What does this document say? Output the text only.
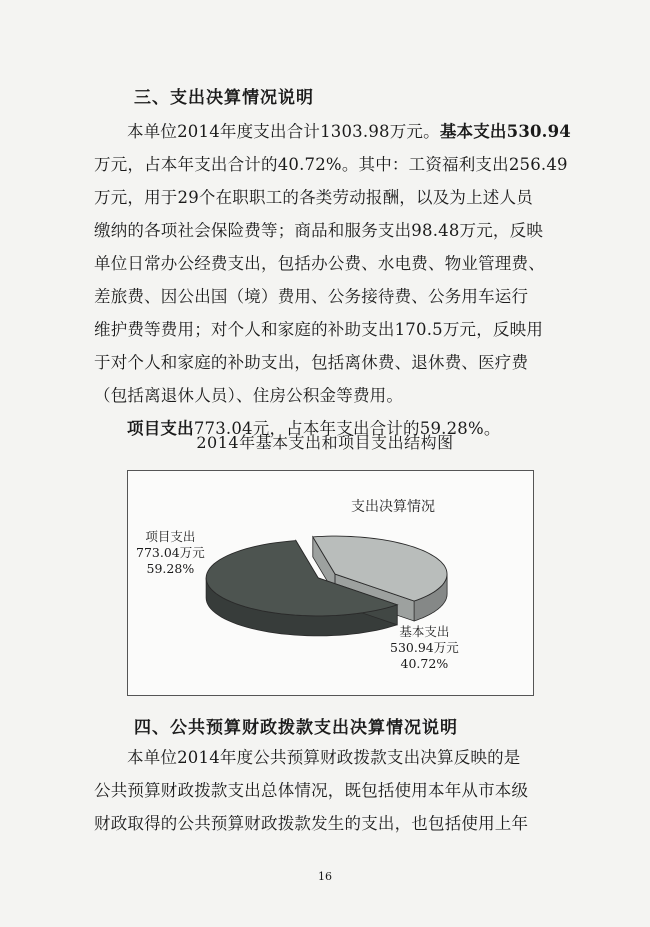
三、支出决算情况说明
本单位2014年度支出合计1303.98万元。基本支出530.94
万元，占本年支出合计的40.72%。其中：工资福利支出256.49
万元，用于29个在职职工的各类劳动报酬，以及为上述人员
缴纳的各项社会保险费等；商品和服务支出98.48万元，反映
单位日常办公经费支出，包括办公费、水电费、物业管理费、
差旅费、因公出国（境）费用、公务接待费、公务用车运行
维护费等费用；对个人和家庭的补助支出170.5万元，反映用
于对个人和家庭的补助支出，包括离休费、退休费、医疗费
（包括离退休人员）、住房公积金等费用。
项目支出773.04元，占本年支出合计的59.28%。
2014年基本支出和项目支出结构图
支出决算情况
项目支出
773.04万元
59.28%
基本支出
530.94万元
40.72%
四、公共预算财政拨款支出决算情况说明
本单位2014年度公共预算财政拨款支出决算反映的是
公共预算财政拨款支出总体情况，既包括使用本年从市本级
财政取得的公共预算财政拨款发生的支出，也包括使用上年
16
